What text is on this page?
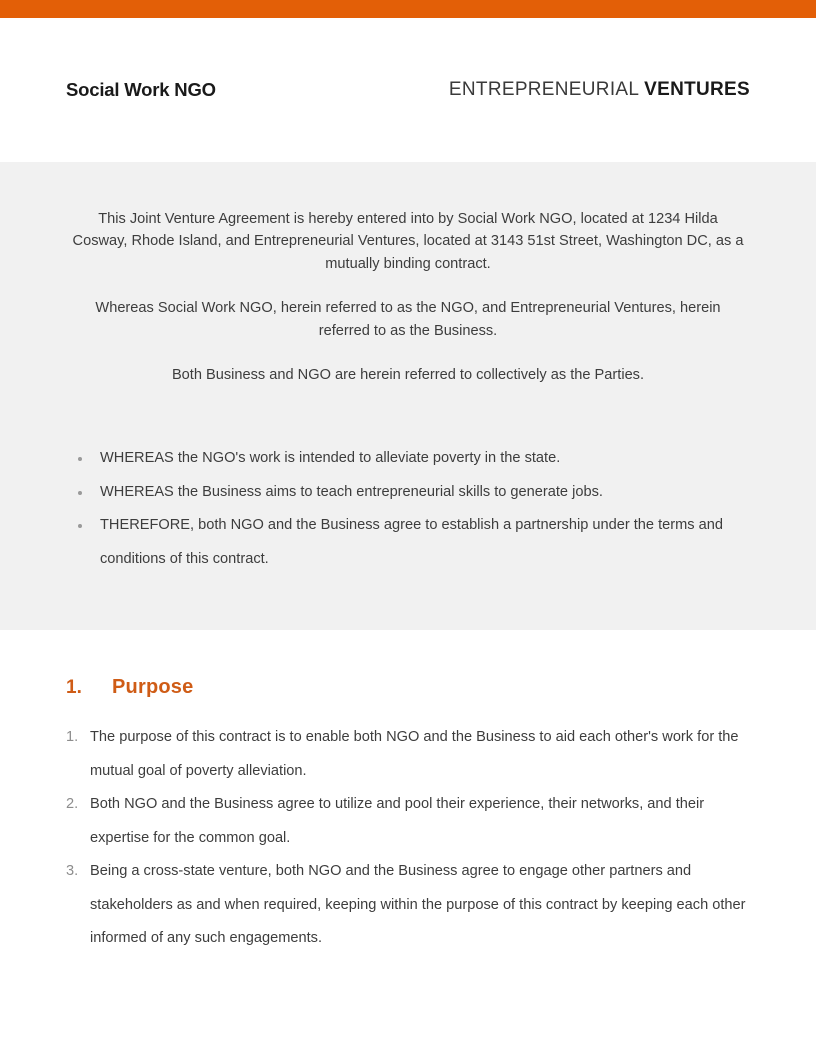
Social Work NGO	ENTREPRENEURIAL VENTURES

This Joint Venture Agreement is hereby entered into by Social Work NGO, located at 1234 Hilda Cosway, Rhode Island, and Entrepreneurial Ventures, located at 3143 51st Street, Washington DC, as a mutually binding contract.

Whereas Social Work NGO, herein referred to as the NGO, and Entrepreneurial Ventures, herein referred to as the Business.

Both Business and NGO are herein referred to collectively as the Parties.

WHEREAS the NGO's work is intended to alleviate poverty in the state.
WHEREAS the Business aims to teach entrepreneurial skills to generate jobs.
THEREFORE, both NGO and the Business agree to establish a partnership under the terms and conditions of this contract.
1.	Purpose
The purpose of this contract is to enable both NGO and the Business to aid each other's work for the mutual goal of poverty alleviation.
Both NGO and the Business agree to utilize and pool their experience, their networks, and their expertise for the common goal.
Being a cross-state venture, both NGO and the Business agree to engage other partners and stakeholders as and when required, keeping within the purpose of this contract by keeping each other informed of any such engagements.
